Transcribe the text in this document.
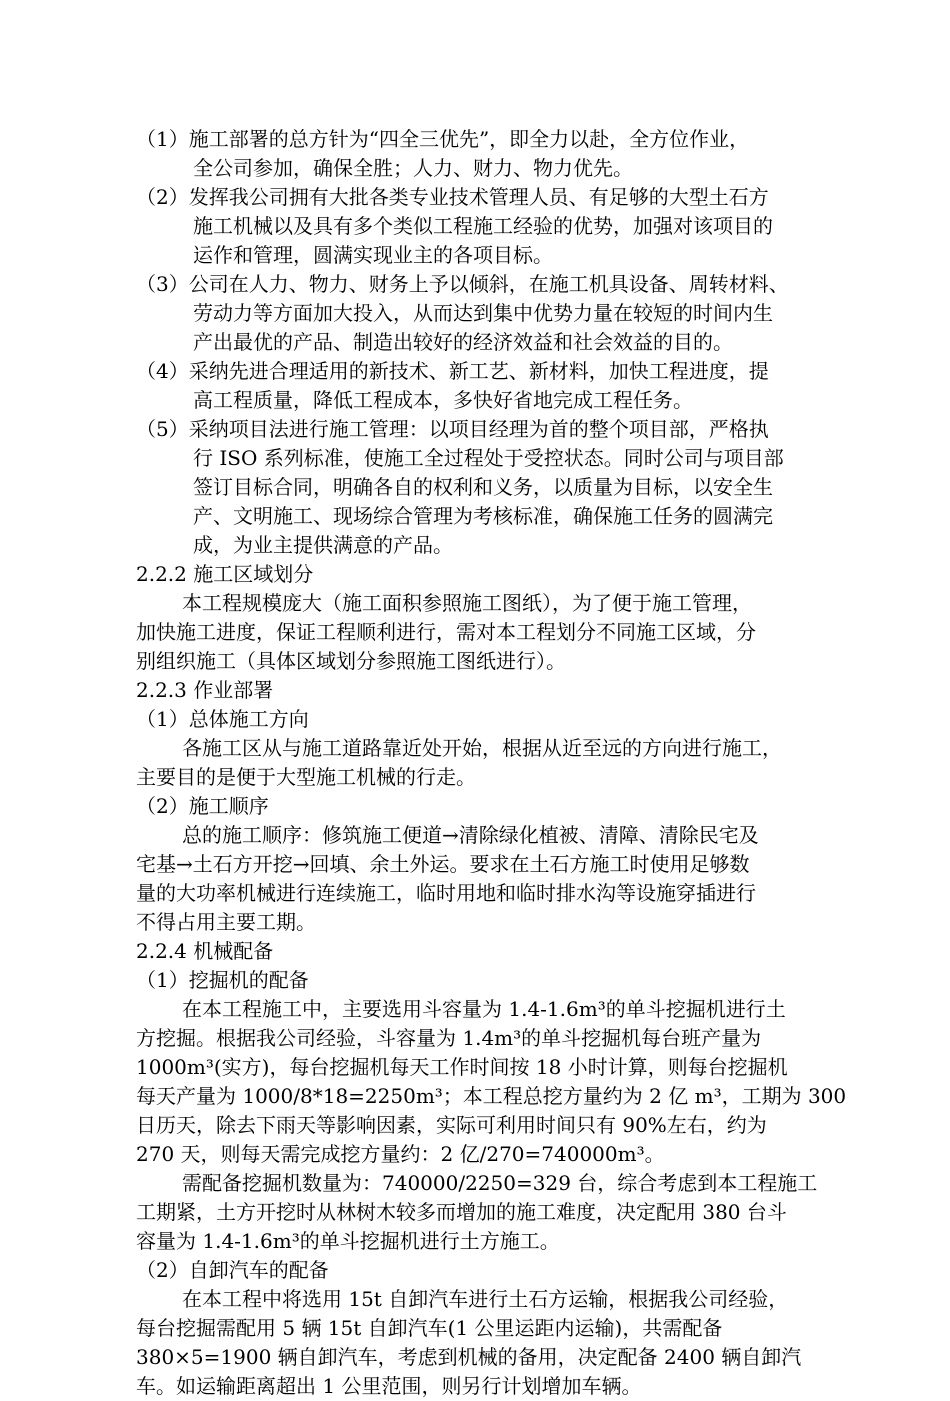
（1）施工部署的总方针为“四全三优先”，即全力以赴，全方位作业，
全公司参加，确保全胜；人力、财力、物力优先。
（2）发挥我公司拥有大批各类专业技术管理人员、有足够的大型土石方
施工机械以及具有多个类似工程施工经验的优势，加强对该项目的
运作和管理，圆满实现业主的各项目标。
（3）公司在人力、物力、财务上予以倾斜，在施工机具设备、周转材料、
劳动力等方面加大投入，从而达到集中优势力量在较短的时间内生
产出最优的产品、制造出较好的经济效益和社会效益的目的。
（4）采纳先进合理适用的新技术、新工艺、新材料，加快工程进度，提
高工程质量，降低工程成本，多快好省地完成工程任务。
（5）采纳项目法进行施工管理：以项目经理为首的整个项目部，严格执
行 ISO 系列标准，使施工全过程处于受控状态。同时公司与项目部
签订目标合同，明确各自的权利和义务，以质量为目标，以安全生
产、文明施工、现场综合管理为考核标准，确保施工任务的圆满完
成，为业主提供满意的产品。
2.2.2 施工区域划分
本工程规模庞大（施工面积参照施工图纸），为了便于施工管理，
加快施工进度，保证工程顺利进行，需对本工程划分不同施工区域，分
别组织施工（具体区域划分参照施工图纸进行）。
2.2.3 作业部署
（1）总体施工方向
各施工区从与施工道路靠近处开始，根据从近至远的方向进行施工，
主要目的是便于大型施工机械的行走。
（2）施工顺序
总的施工顺序：修筑施工便道→清除绿化植被、清障、清除民宅及
宅基→土石方开挖→回填、余土外运。要求在土石方施工时使用足够数
量的大功率机械进行连续施工，临时用地和临时排水沟等设施穿插进行
不得占用主要工期。
2.2.4 机械配备
（1）挖掘机的配备
在本工程施工中，主要选用斗容量为 1.4-1.6m³的单斗挖掘机进行土
方挖掘。根据我公司经验，斗容量为 1.4m³的单斗挖掘机每台班产量为
1000m³(实方)，每台挖掘机每天工作时间按 18 小时计算，则每台挖掘机
每天产量为 1000/8*18=2250m³；本工程总挖方量约为 2 亿 m³，工期为 300
日历天，除去下雨天等影响因素，实际可利用时间只有 90%左右，约为
270 天，则每天需完成挖方量约：2 亿/270=740000m³。
需配备挖掘机数量为：740000/2250=329 台，综合考虑到本工程施工
工期紧，土方开挖时从林树木较多而增加的施工难度，决定配用 380 台斗
容量为 1.4-1.6m³的单斗挖掘机进行土方施工。
（2）自卸汽车的配备
在本工程中将选用 15t 自卸汽车进行土石方运输，根据我公司经验，
每台挖掘需配用 5 辆 15t 自卸汽车(1 公里运距内运输)，共需配备
380×5=1900 辆自卸汽车，考虑到机械的备用，决定配备 2400 辆自卸汽
车。如运输距离超出 1 公里范围，则另行计划增加车辆。
